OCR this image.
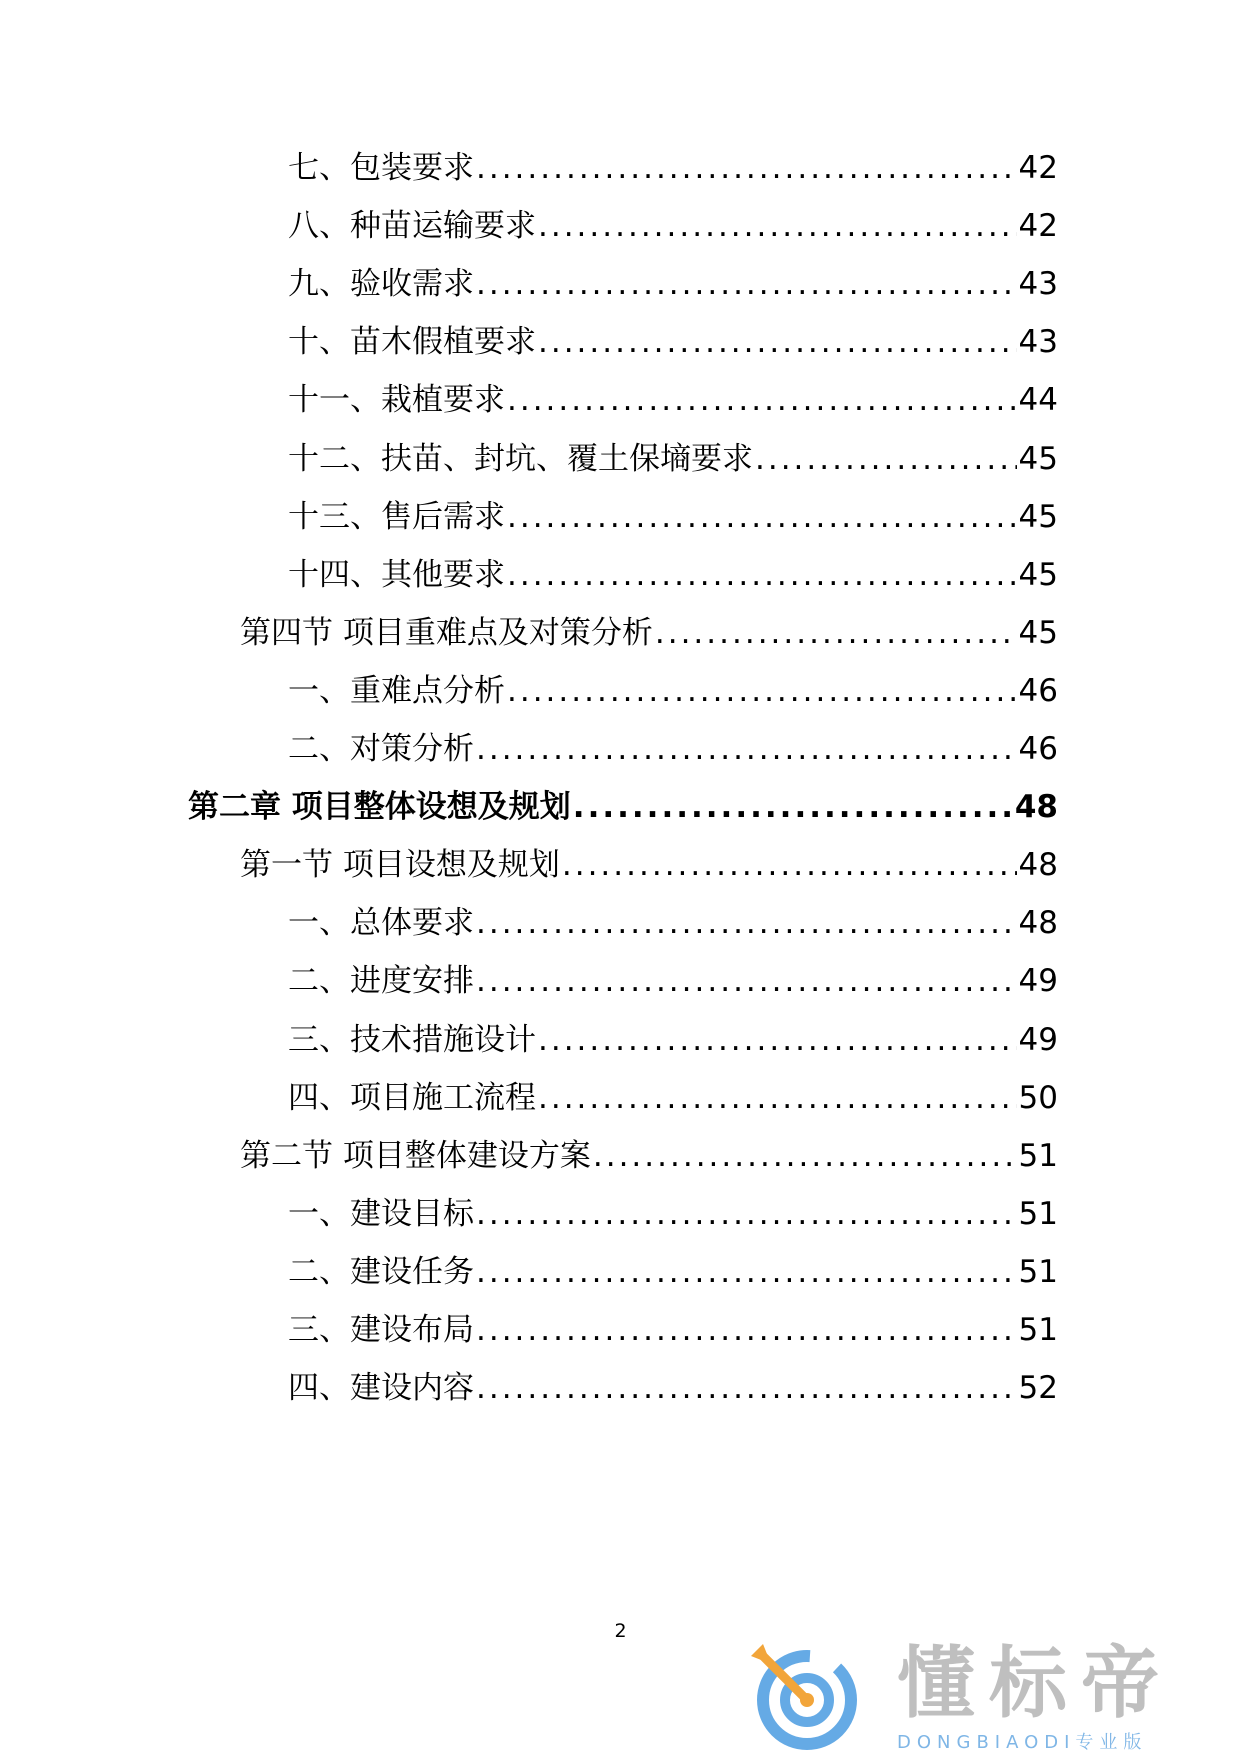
七、包装要求 .....	42
八、种苗运输要求 .....	42
九、验收需求 .....	43
十、苗木假植要求 .....	43
十一、栽植要求 .....	44
十二、扶苗、封坑、覆土保墒要求 .....	45
十三、售后需求 .....	45
十四、其他要求 .....	45
第四节 项目重难点及对策分析 .....	45
一、重难点分析 .....	46
二、对策分析 .....	46
第二章 项目整体设想及规划 .....	48
第一节 项目设想及规划 .....	48
一、总体要求 .....	48
二、进度安排 .....	49
三、技术措施设计 .....	49
四、项目施工流程 .....	50
第二节 项目整体建设方案 .....	51
一、建设目标 .....	51
二、建设任务 .....	51
三、建设布局 .....	51
四、建设内容 .....	52
2
懂标帝
DONGBIAODI专业版
